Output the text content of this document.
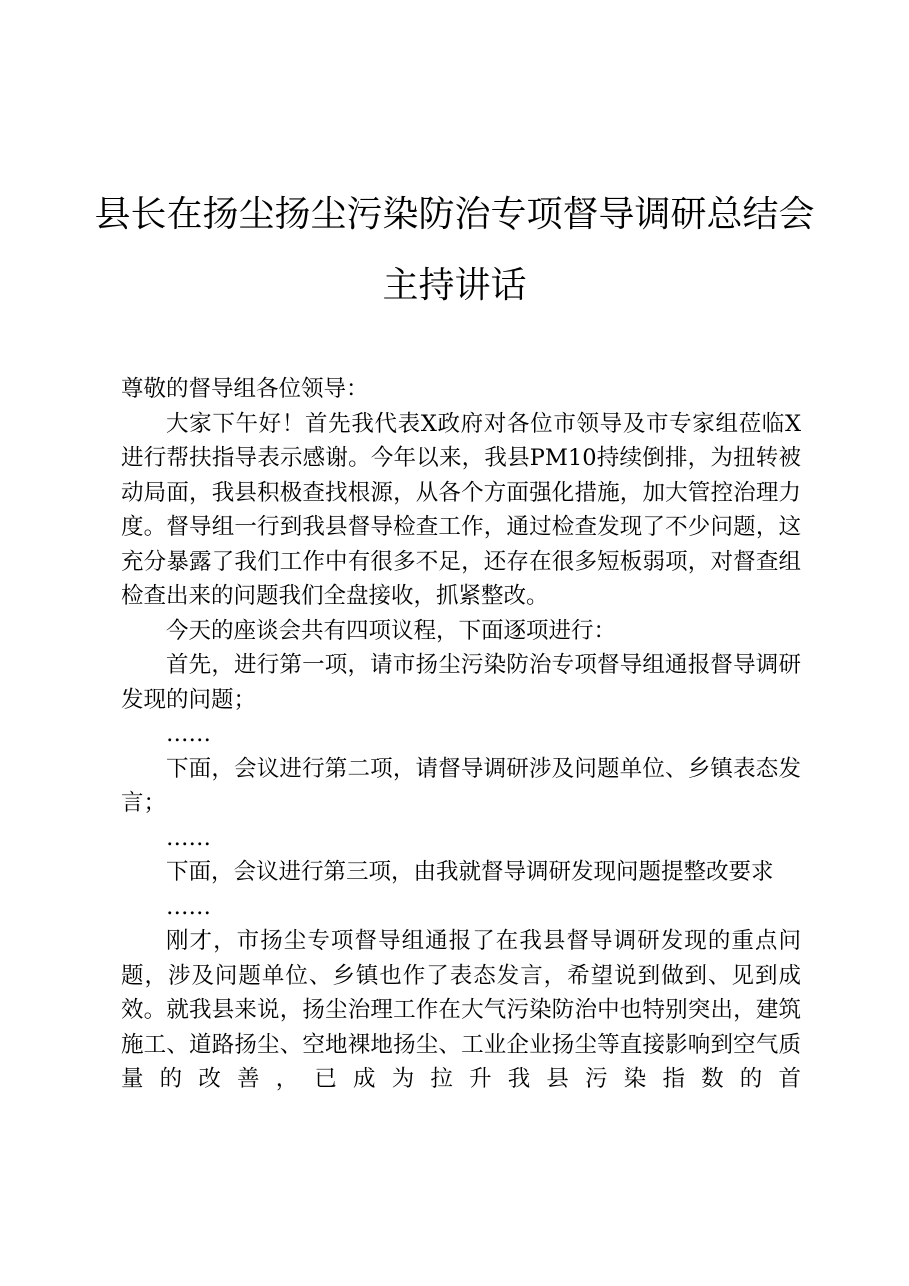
县长在扬尘扬尘污染防治专项督导调研总结会
主持讲话

尊敬的督导组各位领导：

大家下午好！首先我代表X政府对各位市领导及市专家组莅临X进行帮扶指导表示感谢。今年以来，我县PM10持续倒排，为扭转被动局面，我县积极查找根源，从各个方面强化措施，加大管控治理力度。督导组一行到我县督导检查工作，通过检查发现了不少问题，这充分暴露了我们工作中有很多不足，还存在很多短板弱项，对督查组检查出来的问题我们全盘接收，抓紧整改。

今天的座谈会共有四项议程，下面逐项进行：

首先，进行第一项，请市扬尘污染防治专项督导组通报督导调研发现的问题；

……

下面，会议进行第二项，请督导调研涉及问题单位、乡镇表态发言；

……

下面，会议进行第三项，由我就督导调研发现问题提整改要求

……

刚才，市扬尘专项督导组通报了在我县督导调研发现的重点问题，涉及问题单位、乡镇也作了表态发言，希望说到做到、见到成效。就我县来说，扬尘治理工作在大气污染防治中也特别突出，建筑施工、道路扬尘、空地裸地扬尘、工业企业扬尘等直接影响到空气质量的改善，已成为拉升我县污染指数的首
